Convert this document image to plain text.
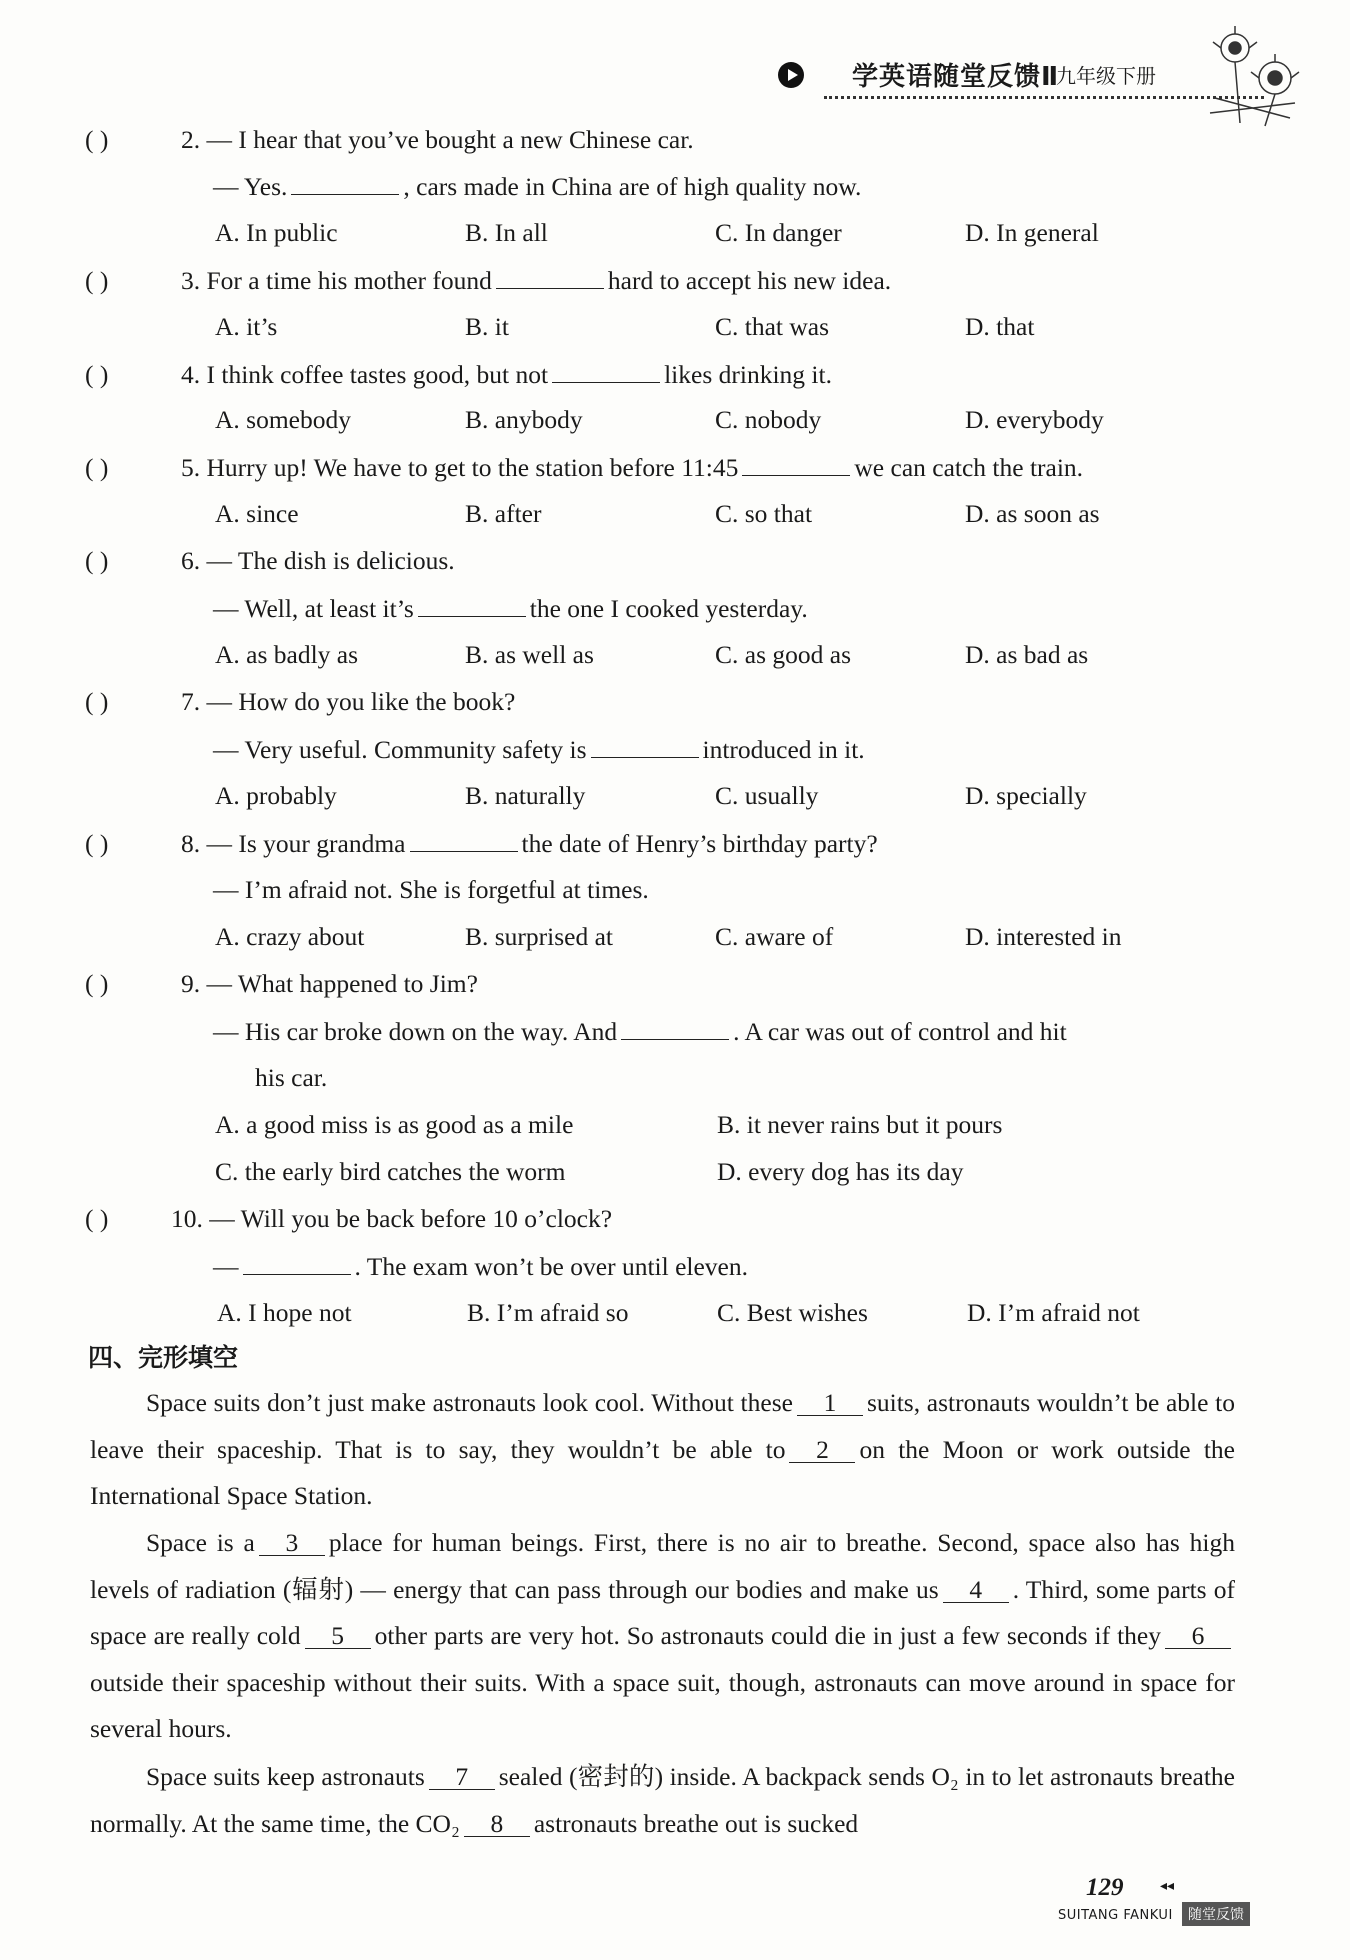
学英语随堂反馈Ⅱ
九年级下册
( )	2. — I hear that you’ve bought a new Chinese car.
— Yes.	, cars made in China are of high quality now.
A. In public	B. In all	C. In danger	D. In general
( )	3. For a time his mother found	hard to accept his new idea.
A. it’s	B. it	C. that was	D. that
( )	4. I think coffee tastes good, but not	likes drinking it.
A. somebody	B. anybody	C. nobody	D. everybody
( )	5. Hurry up! We have to get to the station before 11:45	we can catch the train.
A. since	B. after	C. so that	D. as soon as
( )	6. — The dish is delicious.
— Well, at least it’s	the one I cooked yesterday.
A. as badly as	B. as well as	C. as good as	D. as bad as
( )	7. — How do you like the book?
— Very useful. Community safety is	introduced in it.
A. probably	B. naturally	C. usually	D. specially
( )	8. — Is your grandma	the date of Henry’s birthday party?
— I’m afraid not. She is forgetful at times.
A. crazy about	B. surprised at	C. aware of	D. interested in
( )	9. — What happened to Jim?
— His car broke down on the way. And	. A car was out of control and hit
his car.
A. a good miss is as good as a mile	B. it never rains but it pours
C. the early bird catches the worm	D. every dog has its day
( ) 10. — Will you be back before 10 o’clock?
—	. The exam won’t be over until eleven.
A. I hope not	B. I’m afraid so	C. Best wishes	D. I’m afraid not
四、完形填空
Space suits don’t just make astronauts look cool. Without these 1 suits, astronauts wouldn’t be able to leave their spaceship. That is to say, they wouldn’t be able to 2 on the Moon or work outside the International Space Station.
Space is a 3 place for human beings. First, there is no air to breathe. Second, space also has high levels of radiation (辐射) — energy that can pass through our bodies and make us 4 . Third, some parts of space are really cold 5 other parts are very hot. So astronauts could die in just a few seconds if they 6outside their spaceship without their suits. With a space suit, though, astronauts can move around in space for several hours.
Space suits keep astronauts 7 sealed (密封的) inside. A backpack sends O₂ in to let astronauts breathe normally. At the same time, the CO₂ 8 astronauts breathe out is sucked
129	◂◂
SUITANG FANKUI	随堂反馈
